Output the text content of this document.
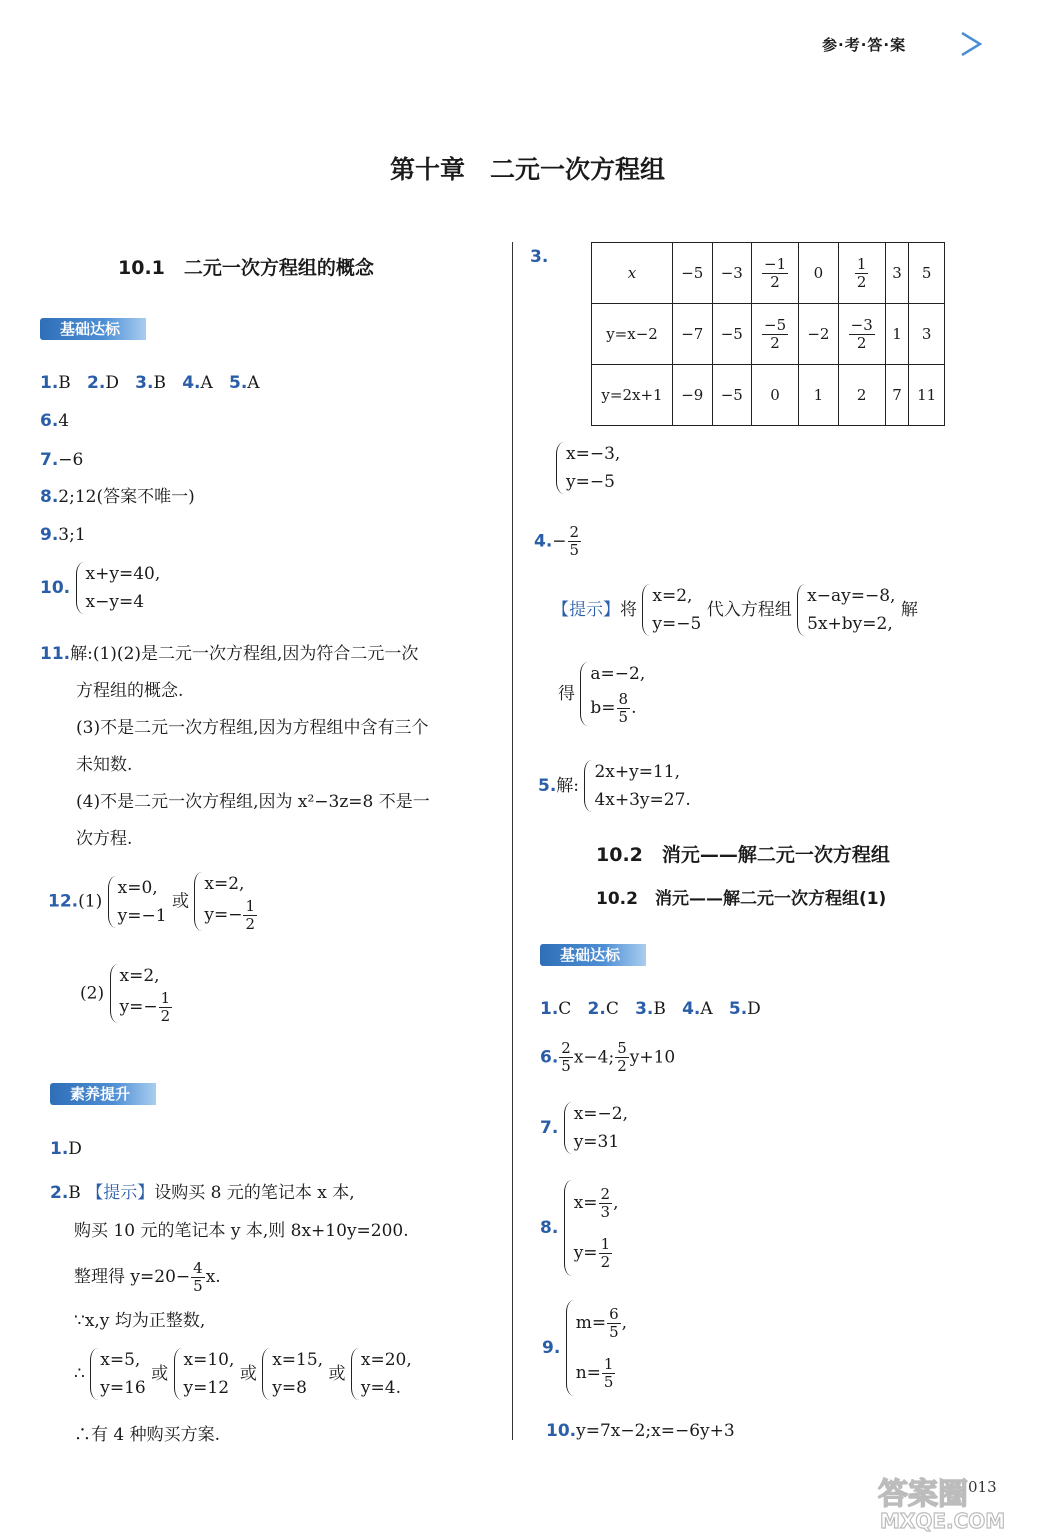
参·考·答·案
第十章　二元一次方程组
10.1　二元一次方程组的概念
基础达标
1.B 2.D 3.B 4.A 5.A
6.4
7.−6
8.2;12(答案不唯一)
9.3;1
10.
x+y=40,
x−y=4
11.解:(1)(2)是二元一次方程组,因为符合二元一次
方程组的概念.
(3)不是二元一次方程组,因为方程组中含有三个
未知数.
(4)不是二元一次方程组,因为 x²−3z=8 不是一
次方程.
12.(1)
x=0,
y=−1
或
x=2,
$y=- \frac{1}{2}$
(2)
x=2,
$y=- \frac{1}{2}$
素养提升
1.D
2.B 【提示】设购买 8 元的笔记本 x 本,
购买 10 元的笔记本 y 本,则 8x+10y=200.
整理得 $y=20- \frac{4}{5} x$.
∵x,y 均为正整数,
∴
x=5,
y=16
或
x=10,
y=12
或
x=15,
y=8
或
x=20,
y=4.
∴有 4 种购买方案.
3.
x	−5	−3	$\frac{-1}{2}$	0	$\frac{1}{2}$	3	5
y=x−2	−7	−5	$\frac{-5}{2}$	−2	$\frac{-3}{2}$	1	3
y=2x+1	−9	−5	0	1	2	7	11
x=−3,
y=−5
$4.- \frac{2}{5}$
【提示】将
x=2,
y=−5
代入方程组
x−ay=−8,
5x+by=2,
解
得
a=−2,
$b= \frac{8}{5}$ .
5.解:
2x+y=11,
4x+3y=27.
10.2　消元——解二元一次方程组
10.2　消元——解二元一次方程组(1)
基础达标
1.C 2.C 3.B 4.A 5.D
6. $\frac{2}{5} x-4$; $\frac{5}{2} y+10$
7.
x=−2,
y=31
8.
$x= \frac{2}{3}$ ,
$y= \frac{1}{2}$
9.
$m= \frac{6}{5}$ ,
$n= \frac{1}{5}$
10.y=7x−2;x=−6y+3
013
答案圈
MXQE.COM
